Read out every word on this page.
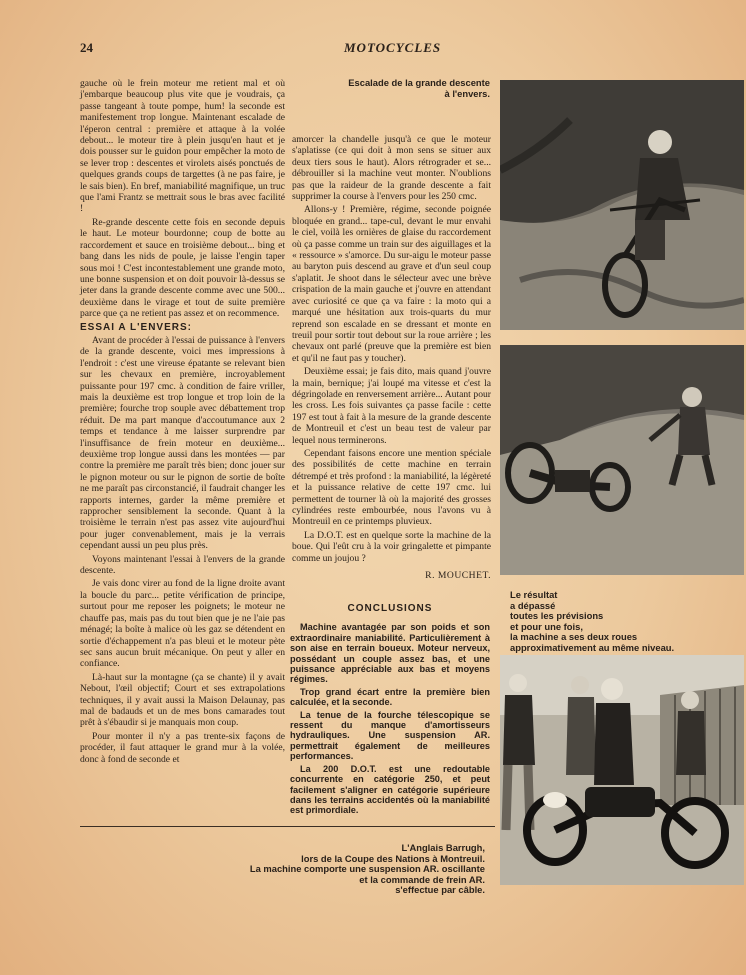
24	MOTOCYCLES

gauche où le frein moteur me retient mal et où j'embarque beaucoup plus vite que je voudrais, ça passe tangeant à toute pompe, hum! la seconde est manifestement trop longue. Maintenant escalade de l'éperon central : première et attaque à la volée debout... le moteur tire à plein jusqu'en haut et je dois pousser sur le guidon pour empêcher la moto de se lever trop : descentes et virolets aisés ponctués de quelques grands coups de targettes (à ne pas faire, je le sais bien). En bref, maniabilité magnifique, un truc que l'ami Frantz se mettrait sous le bras avec facilité !

Re-grande descente cette fois en seconde depuis le haut. Le moteur bourdonne; coup de botte au raccordement et sauce en troisième debout... bing et bang dans les nids de poule, je laisse l'engin taper sous moi ! C'est incontestablement une grande moto, une bonne suspension et on doit pouvoir là-dessus se jeter dans la grande descente comme avec une 500... deuxième dans le virage et tout de suite première parce que ça ne retient pas assez et on recommence.

ESSAI A L'ENVERS:

Avant de procéder à l'essai de puissance à l'envers de la grande descente, voici mes impressions à l'endroit : c'est une vireuse épatante se relevant bien sur les chevaux en première, incroyablement puissante pour 197 cmc. à condition de faire vriller, mais la deuxième est trop longue et trop loin de la première; fourche trop souple avec débattement trop réduit. De ma part manque d'accoutumance aux 2 temps et tendance à me laisser surprendre par l'insuffisance de frein moteur en deuxième... deuxième trop longue aussi dans les montées — par contre la première me paraît très bien; donc jouer sur le pignon moteur ou sur le pignon de sortie de boîte ne me paraît pas circonstancié, il faudrait changer les rapports internes, garder la même première et rapprocher sensiblement la seconde. Quant à la troisième le terrain n'est pas assez vite aujourd'hui pour juger convenablement, mais je la verrais cependant aussi un peu plus près.

Voyons maintenant l'essai à l'envers de la grande descente.

Je vais donc virer au fond de la ligne droite avant la boucle du parc... petite vérification de principe, surtout pour me reposer les poignets; le moteur ne chauffe pas, mais pas du tout bien que je ne l'aie pas ménagé; la boîte à malice où les gaz se détendent en sortie d'échappement n'a pas bleui et le moteur pète sec sans aucun bruit mécanique. On peut y aller en confiance.

Là-haut sur la montagne (ça se chante) il y avait Nebout, l'œil objectif; Court et ses extrapolations techniques, il y avait aussi la Maison Delaunay, pas mal de badauds et un de mes bons camarades tout prêt à s'ébaudir si je manquais mon coup.

Pour monter il n'y a pas trente-six façons de procéder, il faut attaquer le grand mur à la volée, donc à fond de seconde et

Escalade de la grande descente
à l'envers.

amorcer la chandelle jusqu'à ce que le moteur s'aplatisse (ce qui doit à mon sens se situer aux deux tiers sous le haut). Alors rétrograder et se... débrouiller si la machine veut monter. N'oublions pas que la raideur de la grande descente a fait supprimer la course à l'envers pour les 250 cmc.

Allons-y ! Première, régime, seconde poignée bloquée en grand... tape-cul, devant le mur envahi le ciel, voilà les ornières de glaise du raccordement où ça passe comme un train sur des aiguillages et la « ressource » s'amorce. Du sur-aigu le moteur passe au baryton puis descend au grave et d'un seul coup s'aplatit. Je shoot dans le sélecteur avec une brève crispation de la main gauche et j'ouvre en attendant avec curiosité ce que ça va faire : la moto qui a marqué une hésitation aux trois-quarts du mur reprend son escalade en se dressant et monte en treuil pour sortir tout debout sur la roue arrière ; les chevaux ont parlé (preuve que la première est bien et qu'il ne faut pas y toucher).

Deuxième essai; je fais dito, mais quand j'ouvre la main, bernique; j'ai loupé ma vitesse et c'est la dégringolade en renversement arrière... Autant pour les cross. Les fois suivantes ça passe facile : cette 197 est tout à fait à la mesure de la grande descente de Montreuil et c'est un beau test de valeur par lequel nous terminerons.

Cependant faisons encore une mention spéciale des possibilités de cette machine en terrain détrempé et très profond : la maniabilité, la légèreté et la puissance relative de cette 197 cmc. lui permettent de tourner là où la majorité des grosses cylindrées reste embourbée, nous l'avons vu à Montreuil en ce printemps pluvieux.

La D.O.T. est en quelque sorte la machine de la boue. Qui l'eût cru à la voir gringalette et pimpante comme un joujou ?

R. MOUCHET.
CONCLUSIONS

Machine avantagée par son poids et son extraordinaire maniabilité. Particulièrement à son aise en terrain boueux. Moteur nerveux, possédant un couple assez bas, et une puissance appréciable aux bas et moyens régimes.

Trop grand écart entre la première bien calculée, et la seconde.

La tenue de la fourche télescopique se ressent du manque d'amortisseurs hydrauliques. Une suspension AR. permettrait également de meilleures performances.

La 200 D.O.T. est une redoutable concurrente en catégorie 250, et peut facilement s'aligner en catégorie supérieure dans les terrains accidentés où la maniabilité est primordiale.

L'Anglais Barrugh,
lors de la Coupe des Nations à Montreuil.
La machine comporte une suspension AR. oscillante
et la commande de frein AR.
s'effectue par câble.
Le résultat
a dépassé
toutes les prévisions
et pour une fois,
la machine a ses deux roues
approximativement au même niveau.
